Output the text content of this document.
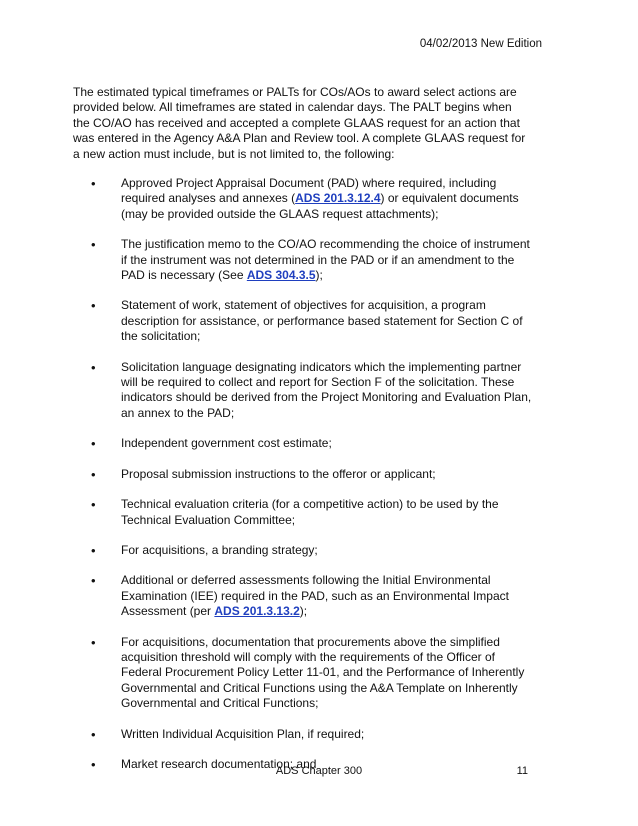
04/02/2013 New Edition
The estimated typical timeframes or PALTs for COs/AOs to award select actions are provided below. All timeframes are stated in calendar days. The PALT begins when the CO/AO has received and accepted a complete GLAAS request for an action that was entered in the Agency A&A Plan and Review tool. A complete GLAAS request for a new action must include, but is not limited to, the following:
• Approved Project Appraisal Document (PAD) where required, including required analyses and annexes (ADS 201.3.12.4) or equivalent documents (may be provided outside the GLAAS request attachments);
• The justification memo to the CO/AO recommending the choice of instrument if the instrument was not determined in the PAD or if an amendment to the PAD is necessary (See ADS 304.3.5);
• Statement of work, statement of objectives for acquisition, a program description for assistance, or performance based statement for Section C of the solicitation;
• Solicitation language designating indicators which the implementing partner will be required to collect and report for Section F of the solicitation. These indicators should be derived from the Project Monitoring and Evaluation Plan, an annex to the PAD;
• Independent government cost estimate;
• Proposal submission instructions to the offeror or applicant;
• Technical evaluation criteria (for a competitive action) to be used by the Technical Evaluation Committee;
• For acquisitions, a branding strategy;
• Additional or deferred assessments following the Initial Environmental Examination (IEE) required in the PAD, such as an Environmental Impact Assessment (per ADS 201.3.13.2);
• For acquisitions, documentation that procurements above the simplified acquisition threshold will comply with the requirements of the Officer of Federal Procurement Policy Letter 11-01, and the Performance of Inherently Governmental and Critical Functions using the A&A Template on Inherently Governmental and Critical Functions;
• Written Individual Acquisition Plan, if required;
• Market research documentation; and
ADS Chapter 300	11
